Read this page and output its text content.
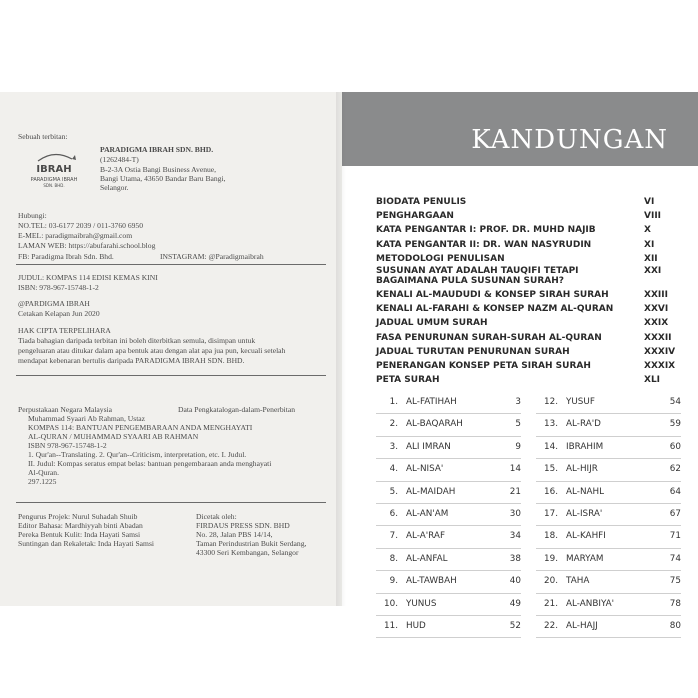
Sebuah terbitan:
IBRAH
PARADIGMA IBRAH
SDN. BHD.
PARADIGMA IBRAH SDN. BHD.
(1262484-T)
B-2-3A Ostia Bangi Business Avenue,
Bangi Utama, 43650 Bandar Baru Bangi,
Selangor.
Hubungi:
NO.TEL: 03-6177 2039 / 011-3760 6950
E-MEL: paradigmaibrah@gmail.com
LAMAN WEB: https://abufarahi.school.blog
FB: Paradigma Ibrah Sdn. Bhd.	INSTAGRAM: @Paradigmaibrah
JUDUL: KOMPAS 114 EDISI KEMAS KINI
ISBN: 978-967-15748-1-2
@PARDIGMA IBRAH
Cetakan Kelapan Jun 2020
HAK CIPTA TERPELIHARA
Tiada bahagian daripada terbitan ini boleh diterbitkan semula, disimpan untuk
pengeluaran atau ditukar dalam apa bentuk atau dengan alat apa jua pun, kecuali setelah
mendapat kebenaran bertulis daripada PARADIGMA IBRAH SDN. BHD.
Perpustakaan Negara Malaysia	Data Pengkatalogan-dalam-Penerbitan
Muhammad Syaari Ab Rahman, Ustaz
KOMPAS 114: BANTUAN PENGEMBARAAN ANDA MENGHAYATI
AL-QURAN / MUHAMMAD SYAARI AB RAHMAN
ISBN 978-967-15748-1-2
1. Qur'an--Translating. 2. Qur'an--Criticism, interpretation, etc. I. Judul.
II. Judul: Kompas seratus empat belas: bantuan pengembaraan anda menghayati
Al-Quran.
297.1225
Pengurus Projek: Nurul Suhadah Shuib
Editor Bahasa: Mardhiyyah binti Abadan
Pereka Bentuk Kulit: Inda Hayati Samsi
Suntingan dan Rekaletak: Inda Hayati Samsi
Dicetak oleh:
FIRDAUS PRESS SDN. BHD
No. 28, Jalan PBS 14/14,
Taman Perindustrian Bukit Serdang,
43300 Seri Kembangan, Selangor
KANDUNGAN
BIODATA PENULIS	VI
PENGHARGAAN	VIII
KATA PENGANTAR I: PROF. DR. MUHD NAJIB	X
KATA PENGANTAR II: DR. WAN NASYRUDIN	XI
METODOLOGI PENULISAN	XII
SUSUNAN AYAT ADALAH TAUQIFI TETAPI BAGAIMANA PULA SUSUNAN SURAH?
XXI
KENALI AL-MAUDUDI & KONSEP SIRAH SURAH	XXIII
KENALI AL-FARAHI & KONSEP NAZM AL-QURAN	XXVI
JADUAL UMUM SURAH	XXIX
FASA PENURUNAN SURAH-SURAH AL-QURAN	XXXII
JADUAL TURUTAN PENURUNAN SURAH	XXXIV
PENERANGAN KONSEP PETA SIRAH SURAH	XXXIX
PETA SURAH	XLI
1. AL-FATIHAH	3
2. AL-BAQARAH	5
3. ALI IMRAN	9
4. AL-NISA'	14
5. AL-MAIDAH	21
6. AL-AN'AM	30
7. AL-A'RAF	34
8. AL-ANFAL	38
9. AL-TAWBAH	40
10. YUNUS	49
11. HUD	52
12. YUSUF	54
13. AL-RA'D	59
14. IBRAHIM	60
15. AL-HIJR	62
16. AL-NAHL	64
17. AL-ISRA'	67
18. AL-KAHFI	71
19. MARYAM	74
20. TAHA	75
21. AL-ANBIYA'	78
22. AL-HAJJ	80
